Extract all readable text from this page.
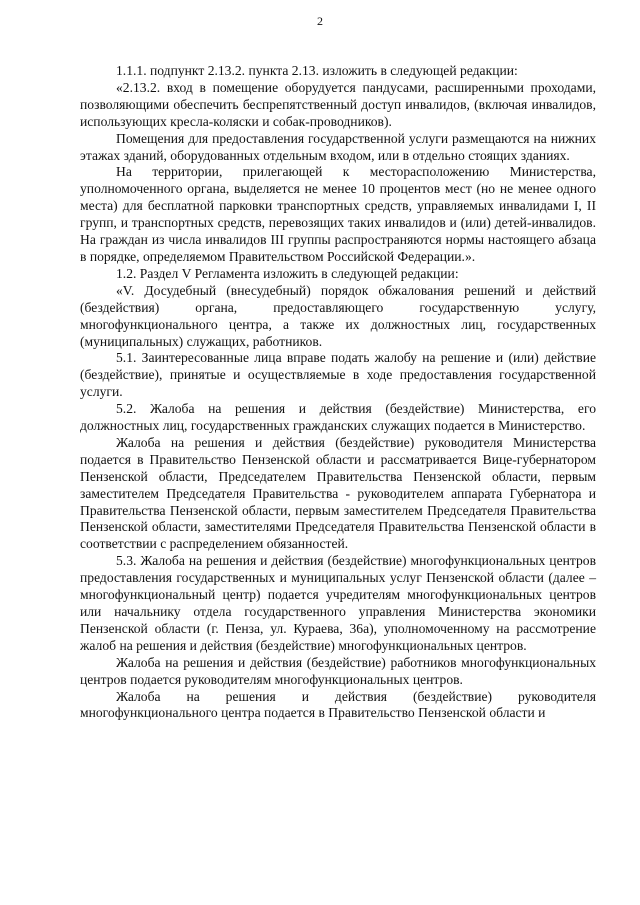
2

1.1.1. подпункт 2.13.2. пункта 2.13. изложить в следующей редакции:

«2.13.2. вход в помещение оборудуется пандусами, расширенными проходами, позволяющими обеспечить беспрепятственный доступ инвалидов, (включая инвалидов, использующих кресла-коляски и собак-проводников).

Помещения для предоставления государственной услуги размещаются на нижних этажах зданий, оборудованных отдельным входом, или в отдельно стоящих зданиях.

На территории, прилегающей к месторасположению Министерства, уполномоченного органа, выделяется не менее 10 процентов мест (но не менее одного места) для бесплатной парковки транспортных средств, управляемых инвалидами I, II групп, и транспортных средств, перевозящих таких инвалидов и (или) детей-инвалидов. На граждан из числа инвалидов III группы распространяются нормы настоящего абзаца в порядке, определяемом Правительством Российской Федерации.».

1.2. Раздел V Регламента изложить в следующей редакции:

«V. Досудебный (внесудебный) порядок обжалования решений и действий (бездействия) органа, предоставляющего государственную услугу, многофункционального центра, а также их должностных лиц, государственных (муниципальных) служащих, работников.

5.1. Заинтересованные лица вправе подать жалобу на решение и (или) действие (бездействие), принятые и осуществляемые в ходе предоставления государственной услуги.

5.2. Жалоба на решения и действия (бездействие) Министерства, его должностных лиц, государственных гражданских служащих подается в Министерство.

Жалоба на решения и действия (бездействие) руководителя Министерства подается в Правительство Пензенской области и рассматривается Вице-губернатором Пензенской области, Председателем Правительства Пензенской области, первым заместителем Председателя Правительства - руководителем аппарата Губернатора и Правительства Пензенской области, первым заместителем Председателя Правительства Пензенской области, заместителями Председателя Правительства Пензенской области в соответствии с распределением обязанностей.

5.3. Жалоба на решения и действия (бездействие) многофункциональных центров предоставления государственных и муниципальных услуг Пензенской области (далее – многофункциональный центр) подается учредителям многофункциональных центров или начальнику отдела государственного управления Министерства экономики Пензенской области (г. Пенза, ул. Кураева, 36а), уполномоченному на рассмотрение жалоб на решения и действия (бездействие) многофункциональных центров.

Жалоба на решения и действия (бездействие) работников многофункциональных центров подается руководителям многофункциональных центров.

Жалоба на решения и действия (бездействие) руководителя многофункционального центра подается в Правительство Пензенской области и
